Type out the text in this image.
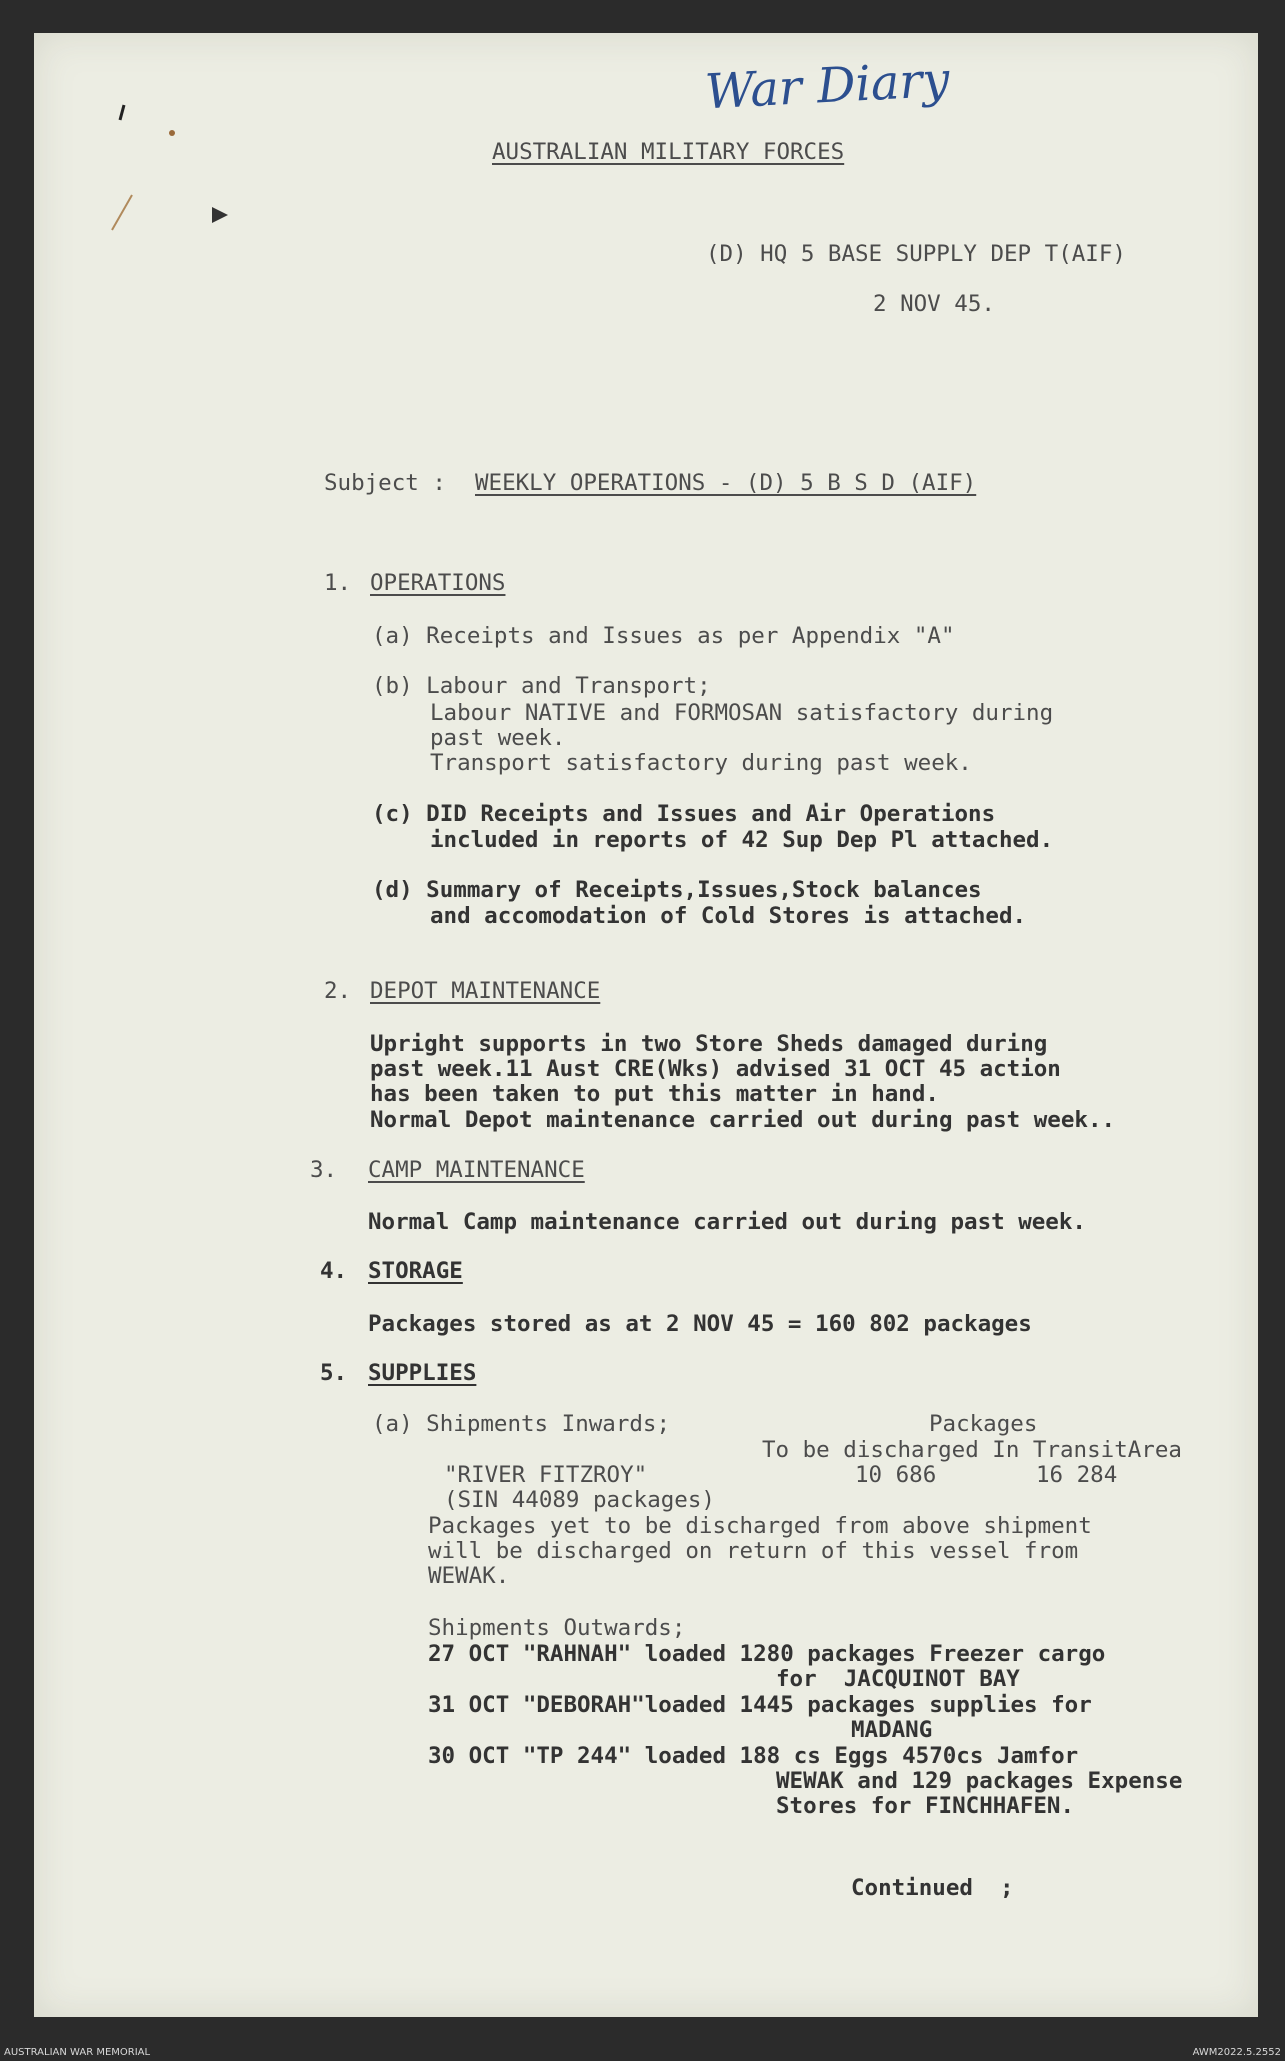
War Diary
AUSTRALIAN MILITARY FORCES
(D) HQ 5 BASE SUPPLY DEP T(AIF)
2 NOV 45.
Subject : WEEKLY OPERATIONS - (D) 5 B S D (AIF)
1. OPERATIONS
(a) Receipts and Issues as per Appendix "A"
(b) Labour and Transport;
Labour NATIVE and FORMOSAN satisfactory during
past week.
Transport satisfactory during past week.
(c) DID Receipts and Issues and Air Operations
included in reports of 42 Sup Dep Pl attached.
(d) Summary of Receipts,Issues,Stock balances
and accomodation of Cold Stores is attached.
2. DEPOT MAINTENANCE
Upright supports in two Store Sheds damaged during
past week.11 Aust CRE(Wks) advised 31 OCT 45 action
has been taken to put this matter in hand.
Normal Depot maintenance carried out during past week..
3. CAMP MAINTENANCE
Normal Camp maintenance carried out during past week.
4. STORAGE
Packages stored as at 2 NOV 45 = 160 802 packages
5. SUPPLIES
(a) Shipments Inwards;	Packages
To be discharged In TransitArea
"RIVER FITZROY"	10 686	16 284
(SIN 44089 packages)
Packages yet to be discharged from above shipment
will be discharged on return of this vessel from
WEWAK.
Shipments Outwards;
27 OCT "RAHNAH" loaded 1280 packages Freezer cargo
for  JACQUINOT BAY
31 OCT "DEBORAH"loaded 1445 packages supplies for
MADANG
30 OCT "TP 244" loaded 188 cs Eggs 4570cs Jamfor
WEWAK and 129 packages Expense
Stores for FINCHHAFEN.
Continued  ;
AUSTRALIAN WAR MEMORIAL	AWM2022.5.2552
